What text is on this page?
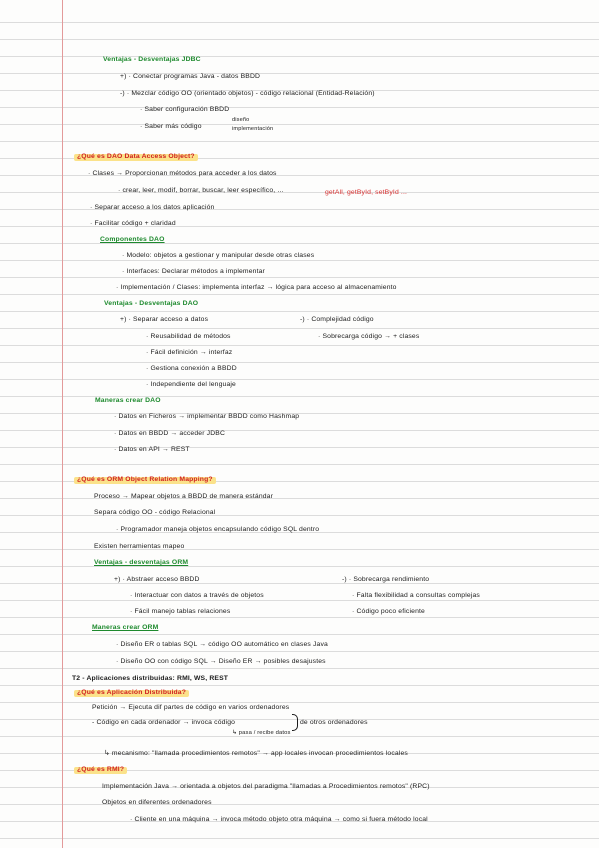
Ventajas - Desventajas JDBC
+) · Conectar programas Java - datos BBDD
-) · Mezclar código OO (orientado objetos) - código relacional (Entidad-Relación)
· Saber configuración BBDD
· Saber más código
diseño
implementación
¿Qué es DAO Data Access Object?
· Clases → Proporcionan métodos para acceder a los datos
· crear, leer, modif, borrar, buscar, leer específico, ...	getAll, getById, setById ...
· Separar acceso a los datos aplicación
· Facilitar código + claridad
Componentes DAO
· Modelo: objetos a gestionar y manipular desde otras clases
· Interfaces: Declarar métodos a implementar
· Implementación / Clases: implementa interfaz → lógica para acceso al almacenamiento
Ventajas - Desventajas DAO
+) · Separar acceso a datos	-) · Complejidad código
· Reusabilidad de métodos	· Sobrecarga código → + clases
· Fácil definición → interfaz
· Gestiona conexión a BBDD
· Independiente del lenguaje
Maneras crear DAO
· Datos en Ficheros → implementar BBDD como Hashmap
· Datos en BBDD → acceder JDBC
· Datos en API → REST
¿Qué es ORM Object Relation Mapping?
Proceso → Mapear objetos a BBDD de manera estándar
Separa código OO - código Relacional
· Programador maneja objetos encapsulando código SQL dentro
Existen herramientas mapeo
Ventajas - desventajas ORM
+) · Abstraer acceso BBDD	-) · Sobrecarga rendimiento
· Interactuar con datos a través de objetos	· Falta flexibilidad a consultas complejas
· Fácil manejo tablas relaciones	· Código poco eficiente
Maneras crear ORM
· Diseño ER o tablas SQL → código OO automático en clases Java
· Diseño OO con código SQL → Diseño ER → posibles desajustes
T2 - Aplicaciones distribuidas: RMI, WS, REST
¿Qué es Aplicación Distribuida?
Petición → Ejecuta dif partes de código en varios ordenadores
- Código en cada ordenador → invoca código
↳ pasa / recibe datos
de otros ordenadores
↳ mecanismo: "llamada procedimientos remotos" → app locales invocan procedimientos locales
¿Qué es RMI?
Implementación Java → orientada a objetos del paradigma "llamadas a Procedimientos remotos" (RPC)
Objetos en diferentes ordenadores
· Cliente en una máquina → invoca método objeto otra máquina → como si fuera método local
